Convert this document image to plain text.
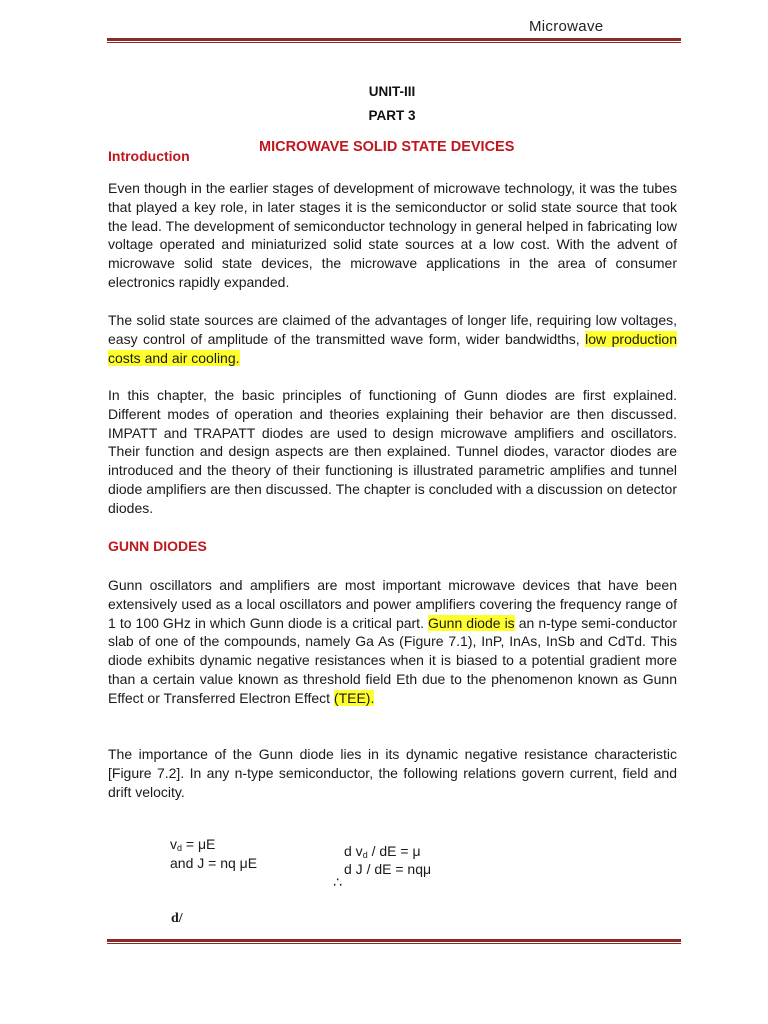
Microwave
UNIT-III
PART 3
Introduction
MICROWAVE SOLID STATE DEVICES
Even though in the earlier stages of development of microwave technology, it was the tubes that played a key role, in later stages it is the semiconductor or solid state source that took the lead. The development of semiconductor technology in general helped in fabricating low voltage operated and miniaturized solid state sources at a low cost. With the advent of microwave solid state devices, the microwave applications in the area of consumer electronics rapidly expanded.
The solid state sources are claimed of the advantages of longer life, requiring low voltages, easy control of amplitude of the transmitted wave form, wider bandwidths, low production costs and air cooling.
In this chapter, the basic principles of functioning of Gunn diodes are first explained. Different modes of operation and theories explaining their behavior are then discussed. IMPATT and TRAPATT diodes are used to design microwave amplifiers and oscillators. Their function and design aspects are then explained. Tunnel diodes, varactor diodes are introduced and the theory of their functioning is illustrated parametric amplifies and tunnel diode amplifiers are then discussed. The chapter is concluded with a discussion on detector diodes.
GUNN DIODES
Gunn oscillators and amplifiers are most important microwave devices that have been extensively used as a local oscillators and power amplifiers covering the frequency range of 1 to 100 GHz in which Gunn diode is a critical part. Gunn diode is an n-type semi-conductor slab of one of the compounds, namely Ga As (Figure 7.1), InP, InAs, InSb and CdTd. This diode exhibits dynamic negative resistances when it is biased to a potential gradient more than a certain value known as threshold field Eth due to the phenomenon known as Gunn Effect or Transferred Electron Effect (TEE).
The importance of the Gunn diode lies in its dynamic negative resistance characteristic [Figure 7.2]. In any n-type semiconductor, the following relations govern current, field and drift velocity.
$v_d = \mu E$
and J = nq μE
d $v_d$ / dE = μ
d J / dE = nqμ
∴
d/
